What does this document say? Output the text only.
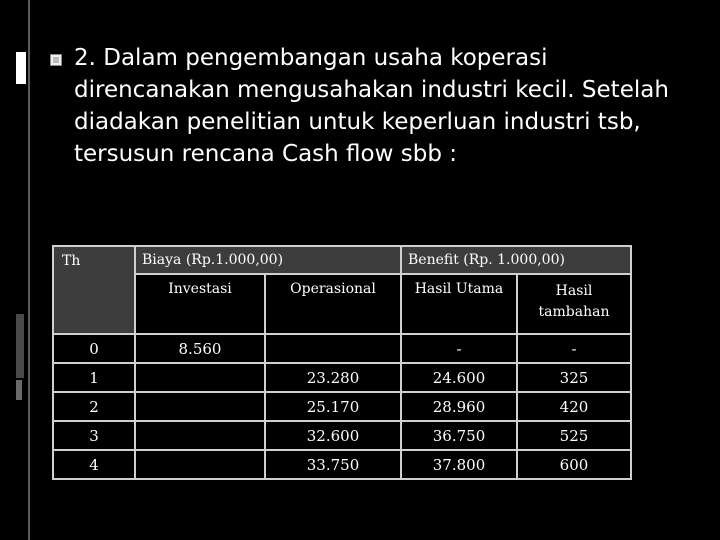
2. Dalam pengembangan usaha koperasi direncanakan mengusahakan industri kecil. Setelah diadakan penelitian untuk keperluan industri tsb, tersusun rencana Cash flow sbb :
Th	Biaya (Rp.1.000,00)		Benefit (Rp. 1.000,00)	
	Investasi	Operasional	Hasil Utama	Hasil tambahan
0	8.560		-	-
1		23.280	24.600	325
2		25.170	28.960	420
3		32.600	36.750	525
4		33.750	37.800	600
